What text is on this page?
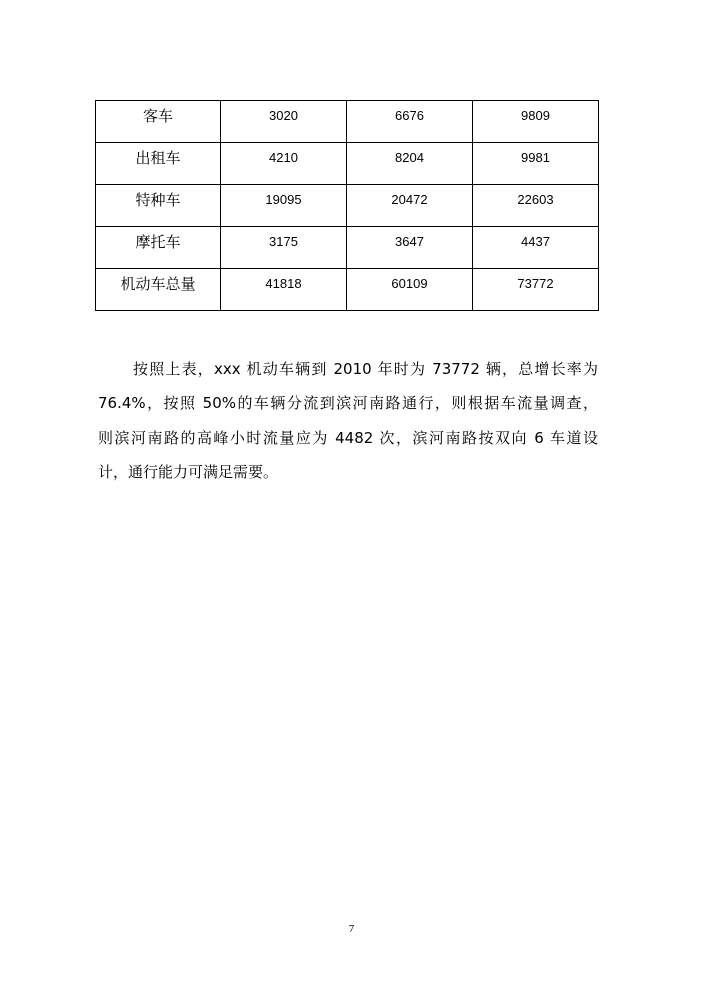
客车	3020	6676	9809
出租车	4210	8204	9981
特种车	19095	20472	22603
摩托车	3175	3647	4437
机动车总量	41818	60109	73772
按照上表，xxx 机动车辆到 2010 年时为 73772 辆，总增长率为
76.4%，按照 50%的车辆分流到滨河南路通行，则根据车流量调查，
则滨河南路的高峰小时流量应为 4482 次，滨河南路按双向 6 车道设
计，通行能力可满足需要。
7
